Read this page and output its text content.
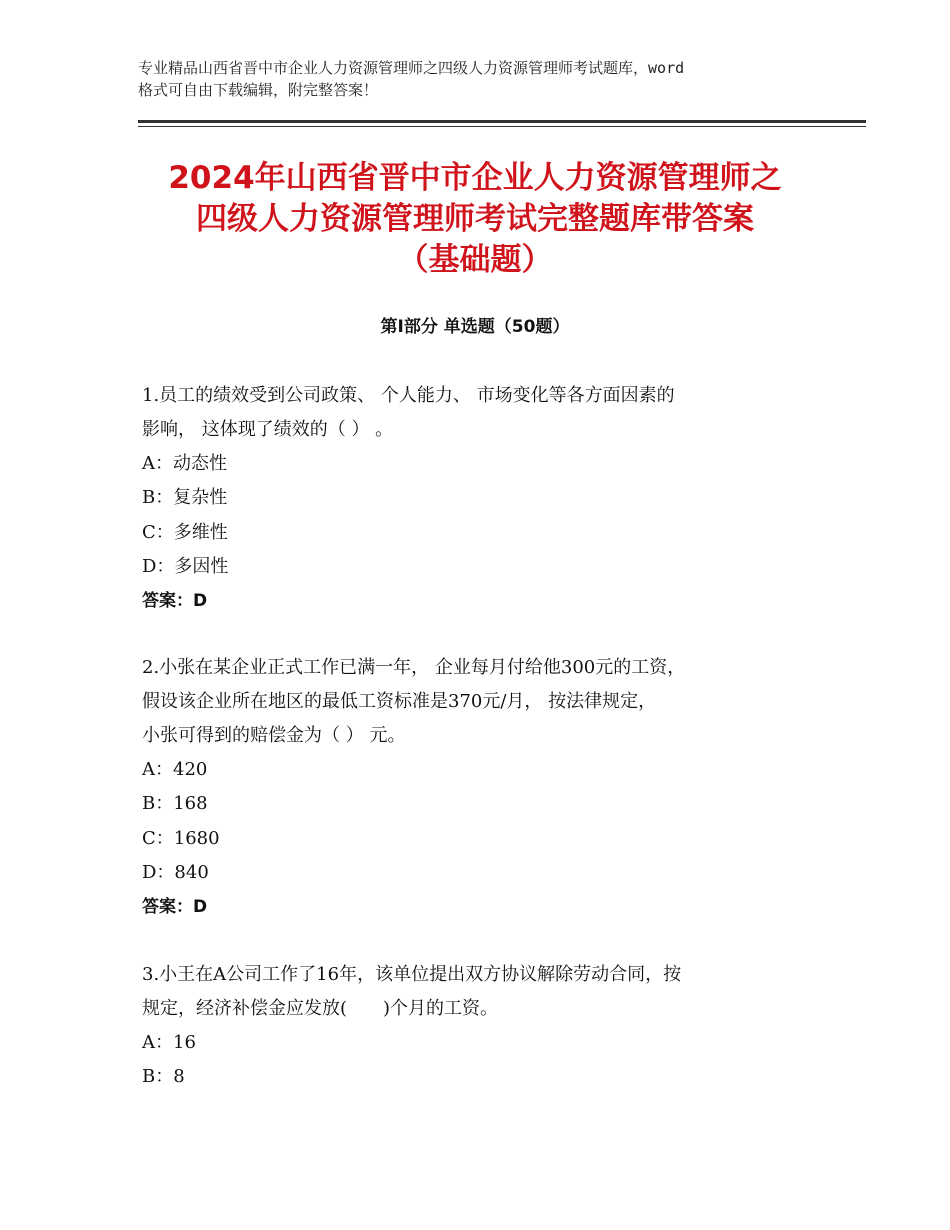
专业精品山西省晋中市企业人力资源管理师之四级人力资源管理师考试题库，word
格式可自由下载编辑，附完整答案！
2024年山西省晋中市企业人力资源管理师之
四级人力资源管理师考试完整题库带答案
（基础题）
第Ⅰ部分 单选题（50题）
1.员工的绩效受到公司政策、 个人能力、 市场变化等各方面因素的
影响， 这体现了绩效的（ ） 。
A：动态性
B：复杂性
C：多维性
D：多因性
答案：D
2.小张在某企业正式工作已满一年， 企业每月付给他300元的工资，
假设该企业所在地区的最低工资标准是370元/月， 按法律规定，
小张可得到的赔偿金为（ ） 元。
A：420
B：168
C：1680
D：840
答案：D
3.小王在A公司工作了16年，该单位提出双方协议解除劳动合同，按
规定，经济补偿金应发放(　　)个月的工资。
A：16
B：8
